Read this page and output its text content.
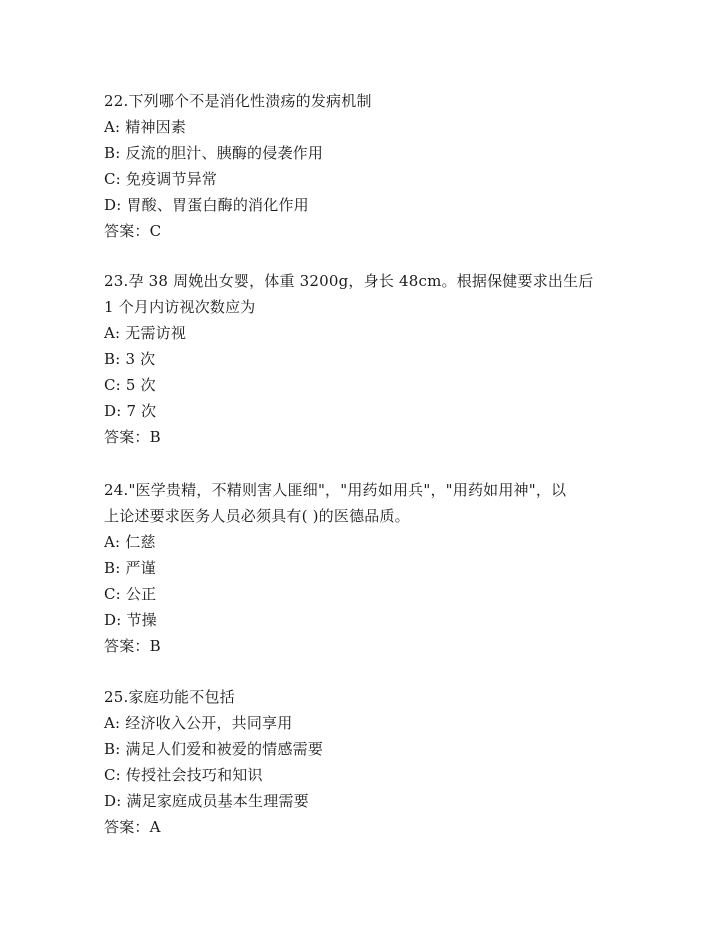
22.下列哪个不是消化性溃疡的发病机制
A: 精神因素
B: 反流的胆汁、胰酶的侵袭作用
C: 免疫调节异常
D: 胃酸、胃蛋白酶的消化作用
答案：C
23.孕 38 周娩出女婴，体重 3200g，身长 48cm。根据保健要求出生后
1 个月内访视次数应为
A: 无需访视
B: 3 次
C: 5 次
D: 7 次
答案：B
24."医学贵精，不精则害人匪细"，"用药如用兵"，"用药如用神"，以
上论述要求医务人员必须具有( )的医德品质。
A: 仁慈
B: 严谨
C: 公正
D: 节操
答案：B
25.家庭功能不包括
A: 经济收入公开，共同享用
B: 满足人们爱和被爱的情感需要
C: 传授社会技巧和知识
D: 满足家庭成员基本生理需要
答案：A
